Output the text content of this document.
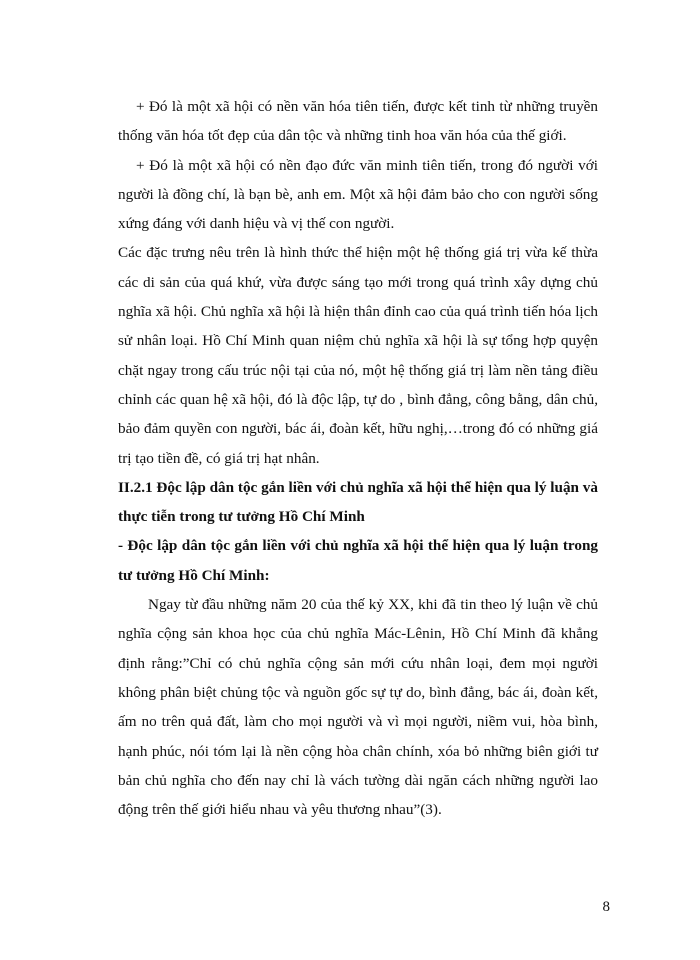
+ Đó là một xã hội có nền văn hóa tiên tiến, được kết tinh từ những truyền thống văn hóa tốt đẹp của dân tộc và những tinh hoa văn hóa của thế giới.

+ Đó là một xã hội có nền đạo đức văn minh tiên tiến, trong đó người với người là đồng chí, là bạn bè, anh em. Một xã hội đảm bảo cho con người sống xứng đáng với danh hiệu và vị thế con người.

Các đặc trưng nêu trên là hình thức thể hiện một hệ thống giá trị vừa kế thừa các di sản của quá khứ, vừa được sáng tạo mới trong quá trình xây dựng chủ nghĩa xã hội. Chủ nghĩa xã hội là hiện thân đỉnh cao của quá trình tiến hóa lịch sử nhân loại. Hồ Chí Minh quan niệm chủ nghĩa xã hội là sự tổng hợp quyện chặt ngay trong cấu trúc nội tại của nó, một hệ thống giá trị làm nền tảng điều chỉnh các quan hệ xã hội, đó là độc lập, tự do , bình đẳng, công bằng, dân chủ, bảo đảm quyền con người, bác ái, đoàn kết, hữu nghị,…trong đó có những giá trị tạo tiền đề, có giá trị hạt nhân.

II.2.1 Độc lập dân tộc gắn liền với chủ nghĩa xã hội thể hiện qua lý luận và thực tiễn trong tư tưởng Hồ Chí Minh

- Độc lập dân tộc gắn liền với chủ nghĩa xã hội thể hiện qua lý luận trong tư tưởng Hồ Chí Minh:

Ngay từ đầu những năm 20 của thế kỷ XX, khi đã tin theo lý luận về chủ nghĩa cộng sản khoa học của chủ nghĩa Mác-Lênin, Hồ Chí Minh đã khẳng định rằng:”Chỉ có chủ nghĩa cộng sản mới cứu nhân loại, đem mọi người không phân biệt chủng tộc và nguồn gốc sự tự do, bình đẳng, bác ái, đoàn kết, ấm no trên quả đất, làm cho mọi người và vì mọi người, niềm vui, hòa bình, hạnh phúc, nói tóm lại là nền cộng hòa chân chính, xóa bỏ những biên giới tư bản chủ nghĩa cho đến nay chỉ là vách tường dài ngăn cách những người lao động trên thế giới hiểu nhau và yêu thương nhau”(3).

8
